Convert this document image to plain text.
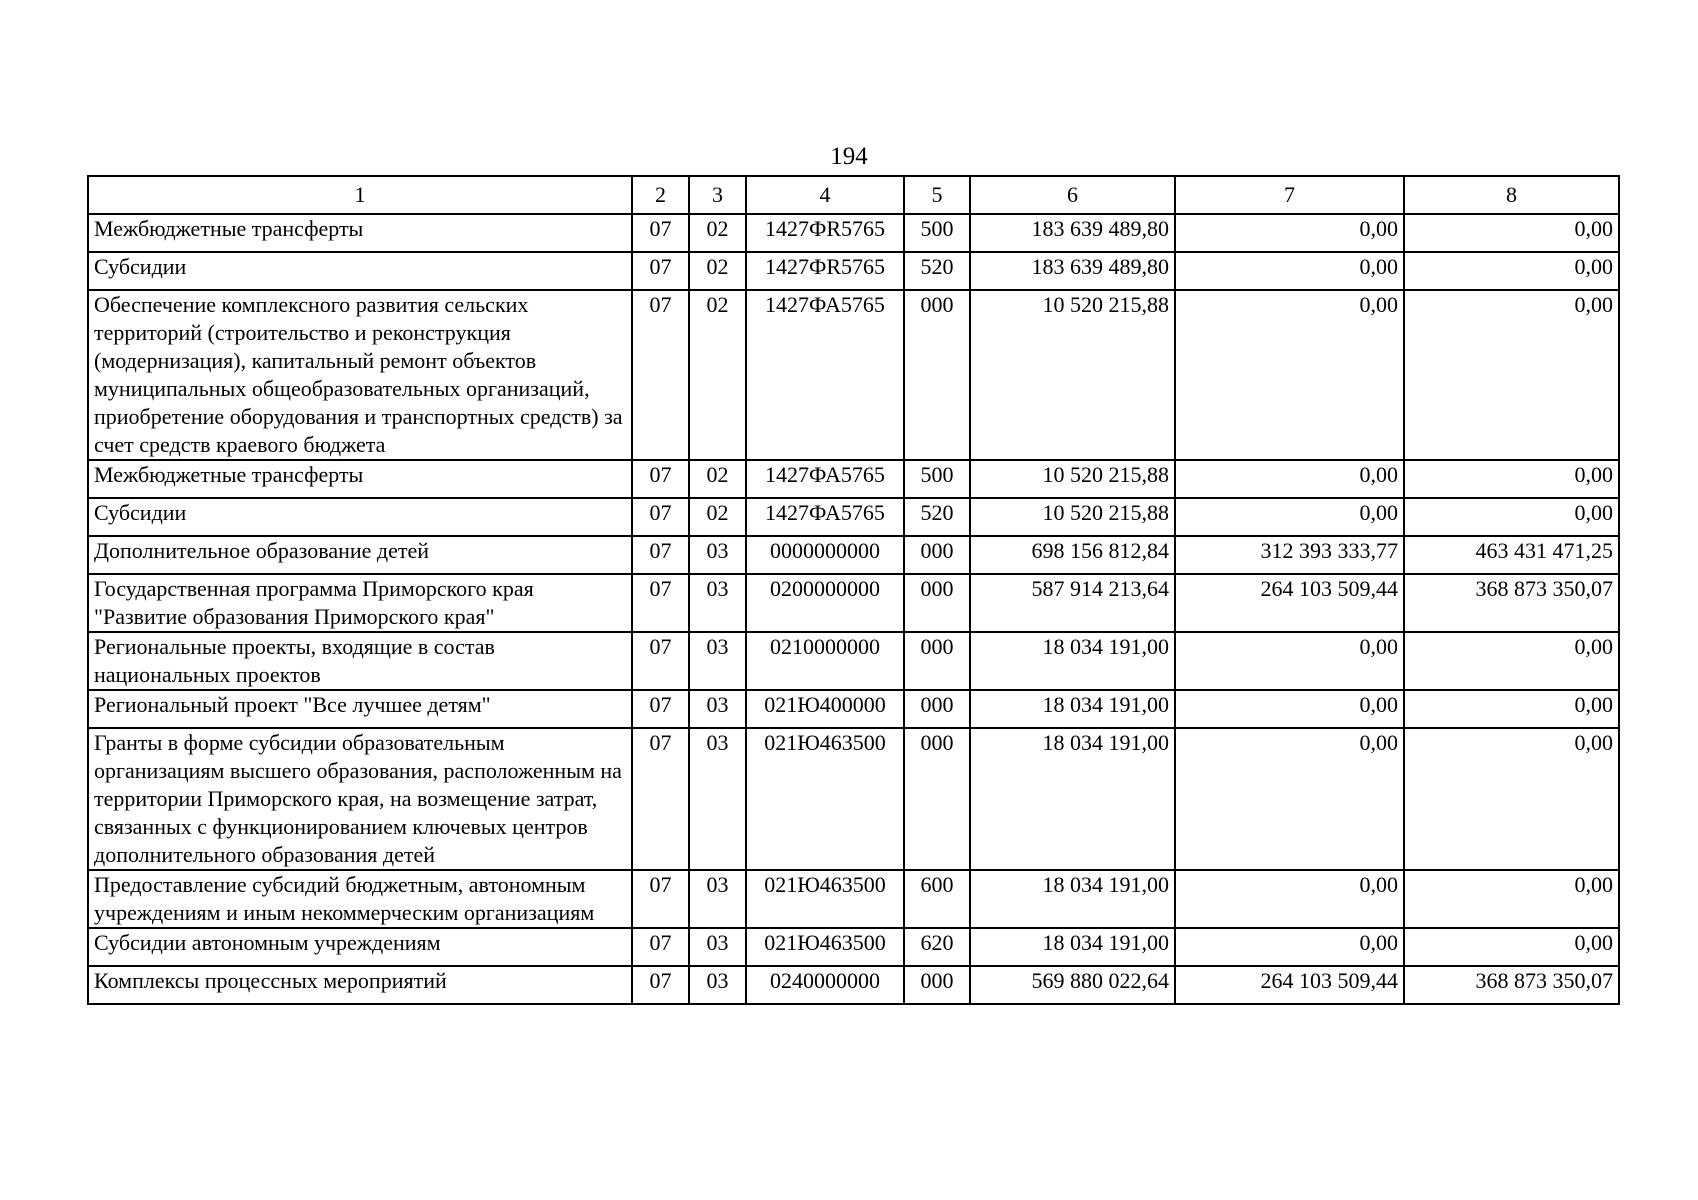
194
1	2	3	4	5	6	7	8
Межбюджетные трансферты	07	02	1427ФR5765	500	183 639 489,80	0,00	0,00
Субсидии	07	02	1427ФR5765	520	183 639 489,80	0,00	0,00
Обеспечение комплексного развития сельских территорий (строительство и реконструкция (модернизация), капитальный ремонт объектов муниципальных общеобразовательных организаций, приобретение оборудования и транспортных средств) за счет средств краевого бюджета	07	02	1427ФА5765	000	10 520 215,88	0,00	0,00
Межбюджетные трансферты	07	02	1427ФА5765	500	10 520 215,88	0,00	0,00
Субсидии	07	02	1427ФА5765	520	10 520 215,88	0,00	0,00
Дополнительное образование детей	07	03	0000000000	000	698 156 812,84	312 393 333,77	463 431 471,25
Государственная программа Приморского края "Развитие образования Приморского края"	07	03	0200000000	000	587 914 213,64	264 103 509,44	368 873 350,07
Региональные проекты, входящие в состав национальных проектов	07	03	0210000000	000	18 034 191,00	0,00	0,00
Региональный проект "Все лучшее детям"	07	03	021Ю400000	000	18 034 191,00	0,00	0,00
Гранты в форме субсидии образовательным организациям высшего образования, расположенным на территории Приморского края, на возмещение затрат, связанных с функционированием ключевых центров дополнительного образования детей	07	03	021Ю463500	000	18 034 191,00	0,00	0,00
Предоставление субсидий бюджетным, автономным учреждениям и иным некоммерческим организациям	07	03	021Ю463500	600	18 034 191,00	0,00	0,00
Субсидии автономным учреждениям	07	03	021Ю463500	620	18 034 191,00	0,00	0,00
Комплексы процессных мероприятий	07	03	0240000000	000	569 880 022,64	264 103 509,44	368 873 350,07
